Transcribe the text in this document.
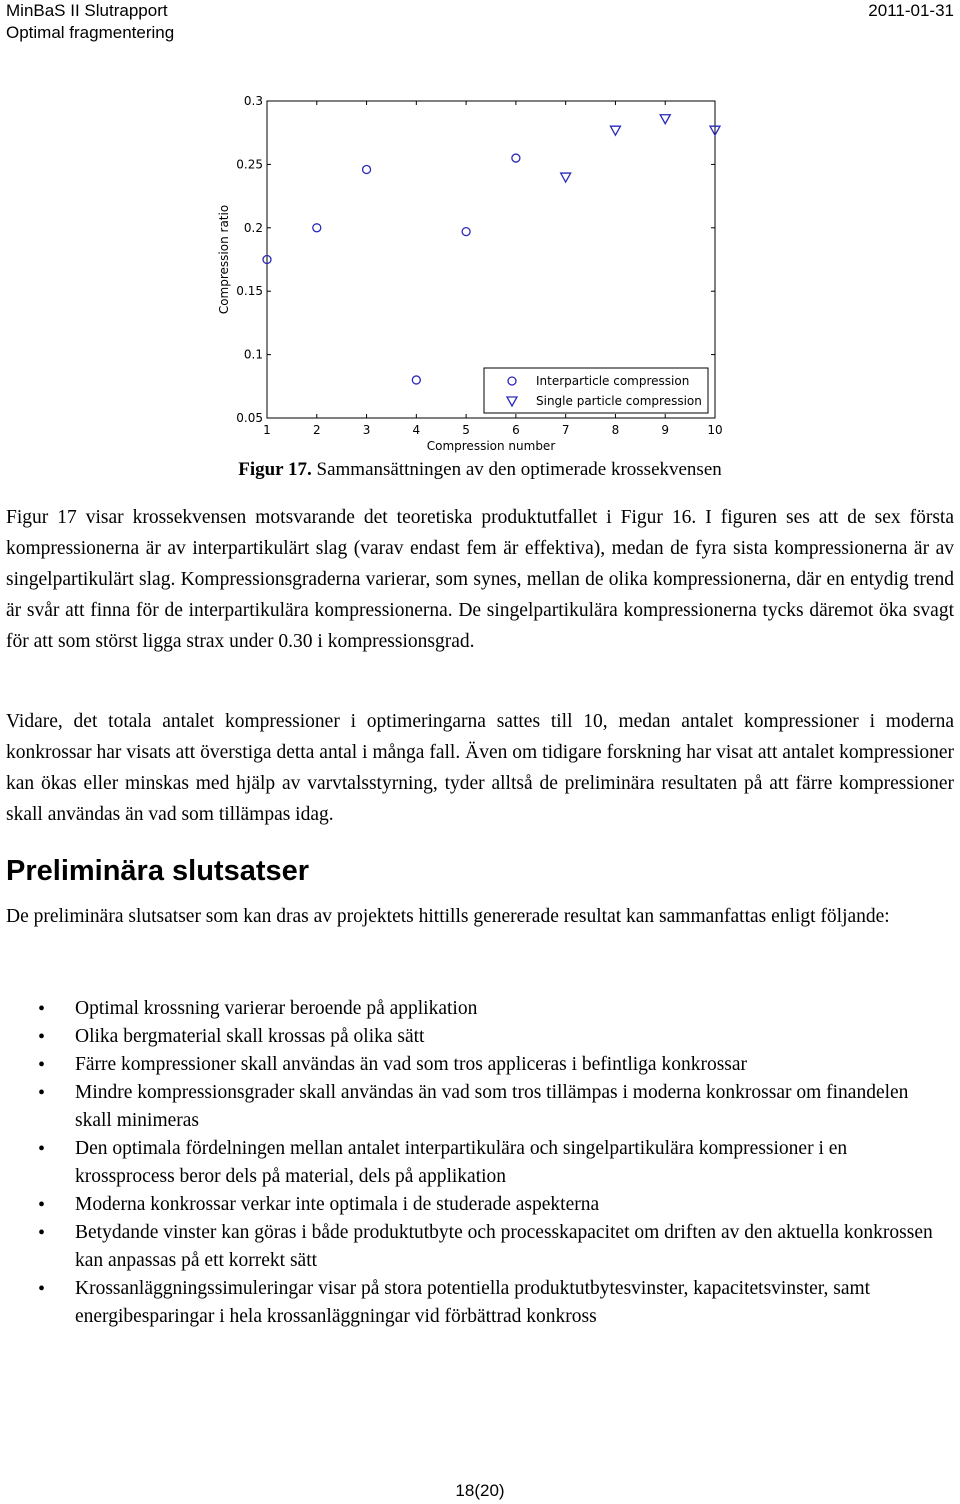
MinBaS II Slutrapport
Optimal fragmentering
2011-01-31
1	2	3	4	5	6	7	8	9	10
0.05
0.1
0.15
0.2
0.25
0.3
Interparticle compression
Single particle compression
Compression number
Compression ratio
Figur 17. Sammansättningen av den optimerade krossekvensen

Figur 17 visar krossekvensen motsvarande det teoretiska produktutfallet i Figur 16. I figuren ses att de sex första kompressionerna är av interpartikulärt slag (varav endast fem är effektiva), medan de fyra sista kompressionerna är av singelpartikulärt slag. Kompressionsgraderna varierar, som synes, mellan de olika kompressionerna, där en entydig trend är svår att finna för de interpartikulära kompressionerna. De singelpartikulära kompressionerna tycks däremot öka svagt för att som störst ligga strax under 0.30 i kompressionsgrad.

Vidare, det totala antalet kompressioner i optimeringarna sattes till 10, medan antalet kompressioner i moderna konkrossar har visats att överstiga detta antal i många fall. Även om tidigare forskning har visat att antalet kompressioner kan ökas eller minskas med hjälp av varvtalsstyrning, tyder alltså de preliminära resultaten på att färre kompressioner skall användas än vad som tillämpas idag.

Preliminära slutsatser

De preliminära slutsatser som kan dras av projektets hittills genererade resultat kan sammanfattas enligt följande:

• Optimal krossning varierar beroende på applikation
• Olika bergmaterial skall krossas på olika sätt
• Färre kompressioner skall användas än vad som tros appliceras i befintliga konkrossar
• Mindre kompressionsgrader skall användas än vad som tros tillämpas i moderna konkrossar om finandelen skall minimeras
• Den optimala fördelningen mellan antalet interpartikulära och singelpartikulära kompressioner i en krossprocess beror dels på material, dels på applikation
• Moderna konkrossar verkar inte optimala i de studerade aspekterna
• Betydande vinster kan göras i både produktutbyte och processkapacitet om driften av den aktuella konkrossen kan anpassas på ett korrekt sätt
• Krossanläggningssimuleringar visar på stora potentiella produktutbytesvinster, kapacitetsvinster, samt energibesparingar i hela krossanläggningar vid förbättrad konkross
18(20)
